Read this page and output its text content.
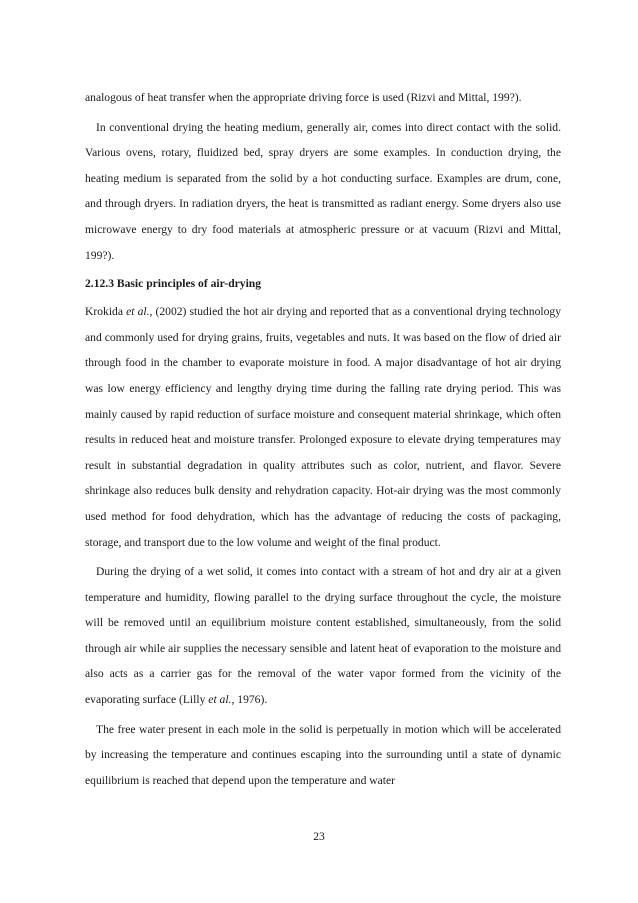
analogous of heat transfer when the appropriate driving force is used (Rizvi and Mittal, 199?).

In conventional drying the heating medium, generally air, comes into direct contact with the solid. Various ovens, rotary, fluidized bed, spray dryers are some examples. In conduction drying, the heating medium is separated from the solid by a hot conducting surface. Examples are drum, cone, and through dryers. In radiation dryers, the heat is transmitted as radiant energy. Some dryers also use microwave energy to dry food materials at atmospheric pressure or at vacuum (Rizvi and Mittal, 199?).

2.12.3 Basic principles of air-drying

Krokida et al., (2002) studied the hot air drying and reported that as a conventional drying technology and commonly used for drying grains, fruits, vegetables and nuts. It was based on the flow of dried air through food in the chamber to evaporate moisture in food. A major disadvantage of hot air drying was low energy efficiency and lengthy drying time during the falling rate drying period. This was mainly caused by rapid reduction of surface moisture and consequent material shrinkage, which often results in reduced heat and moisture transfer. Prolonged exposure to elevate drying temperatures may result in substantial degradation in quality attributes such as color, nutrient, and flavor. Severe shrinkage also reduces bulk density and rehydration capacity. Hot-air drying was the most commonly used method for food dehydration, which has the advantage of reducing the costs of packaging, storage, and transport due to the low volume and weight of the final product.

During the drying of a wet solid, it comes into contact with a stream of hot and dry air at a given temperature and humidity, flowing parallel to the drying surface throughout the cycle, the moisture will be removed until an equilibrium moisture content established, simultaneously, from the solid through air while air supplies the necessary sensible and latent heat of evaporation to the moisture and also acts as a carrier gas for the removal of the water vapor formed from the vicinity of the evaporating surface (Lilly et al., 1976).

The free water present in each mole in the solid is perpetually in motion which will be accelerated by increasing the temperature and continues escaping into the surrounding until a state of dynamic equilibrium is reached that depend upon the temperature and water

23
